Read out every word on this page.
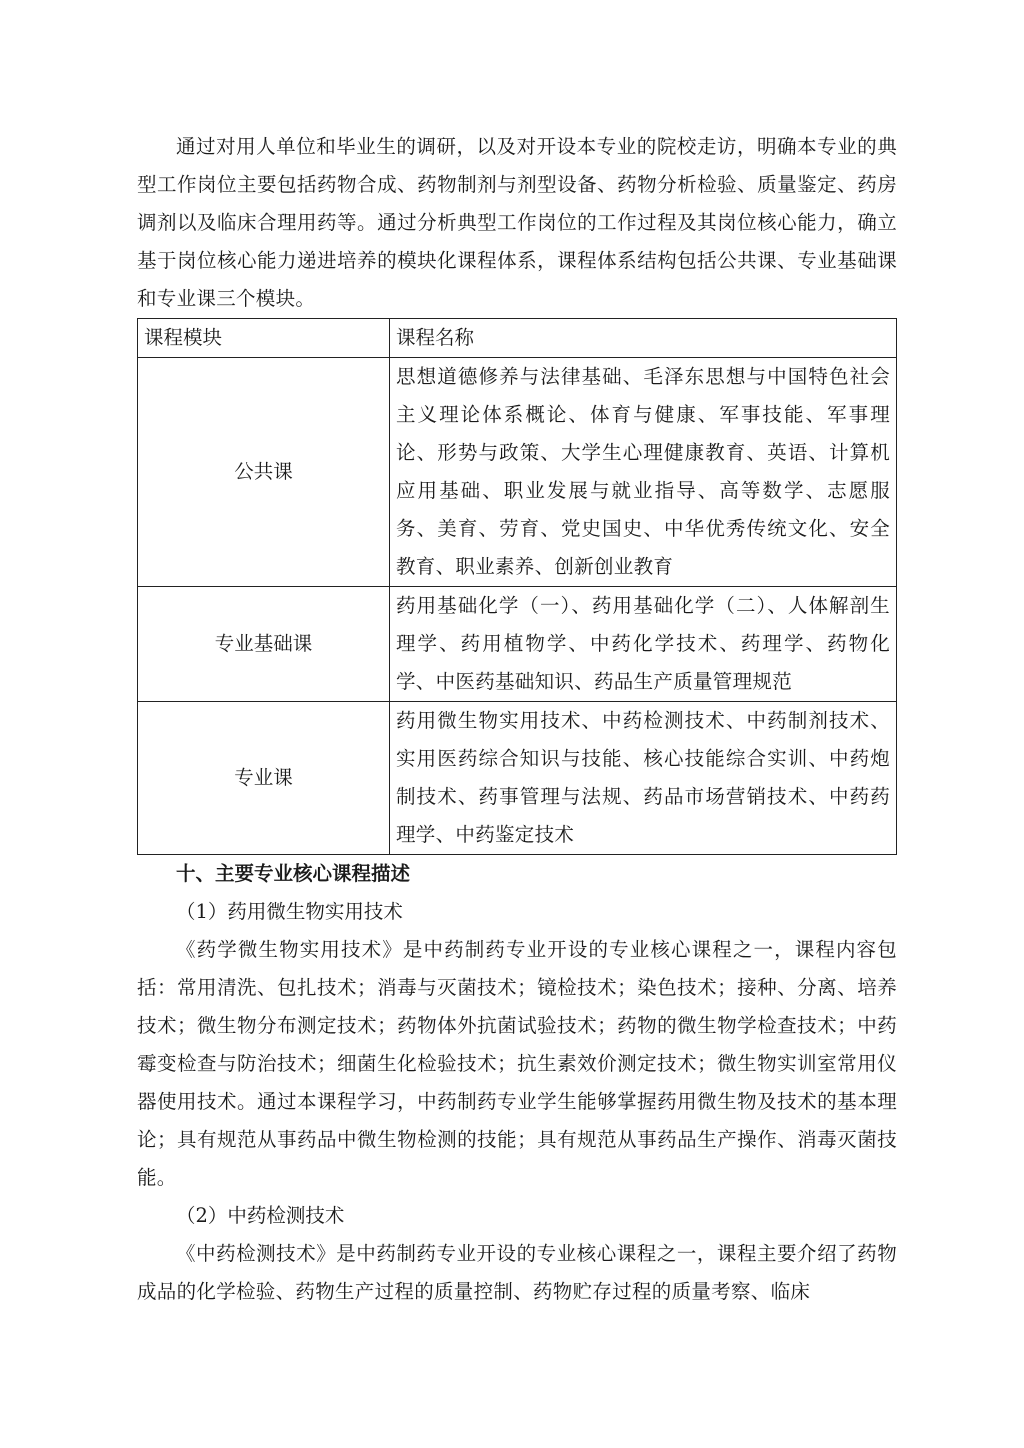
通过对用人单位和毕业生的调研，以及对开设本专业的院校走访，明确本专业的典型工作岗位主要包括药物合成、药物制剂与剂型设备、药物分析检验、质量鉴定、药房调剂以及临床合理用药等。通过分析典型工作岗位的工作过程及其岗位核心能力，确立基于岗位核心能力递进培养的模块化课程体系，课程体系结构包括公共课、专业基础课和专业课三个模块。

课程模块	课程名称
公共课	思想道德修养与法律基础、毛泽东思想与中国特色社会主义理论体系概论、体育与健康、军事技能、军事理论、形势与政策、大学生心理健康教育、英语、计算机应用基础、职业发展与就业指导、高等数学、志愿服务、美育、劳育、党史国史、中华优秀传统文化、安全教育、职业素养、创新创业教育
专业基础课	药用基础化学（一）、药用基础化学（二）、人体解剖生理学、药用植物学、中药化学技术、药理学、药物化学、中医药基础知识、药品生产质量管理规范
专业课	药用微生物实用技术、中药检测技术、中药制剂技术、实用医药综合知识与技能、核心技能综合实训、中药炮制技术、药事管理与法规、药品市场营销技术、中药药理学、中药鉴定技术

十、主要专业核心课程描述

（1）药用微生物实用技术

《药学微生物实用技术》是中药制药专业开设的专业核心课程之一，课程内容包括：常用清洗、包扎技术；消毒与灭菌技术；镜检技术；染色技术；接种、分离、培养技术；微生物分布测定技术；药物体外抗菌试验技术；药物的微生物学检查技术；中药霉变检查与防治技术；细菌生化检验技术；抗生素效价测定技术；微生物实训室常用仪器使用技术。通过本课程学习，中药制药专业学生能够掌握药用微生物及技术的基本理论；具有规范从事药品中微生物检测的技能；具有规范从事药品生产操作、消毒灭菌技能。

（2）中药检测技术

《中药检测技术》是中药制药专业开设的专业核心课程之一，课程主要介绍了药物成品的化学检验、药物生产过程的质量控制、药物贮存过程的质量考察、临床
